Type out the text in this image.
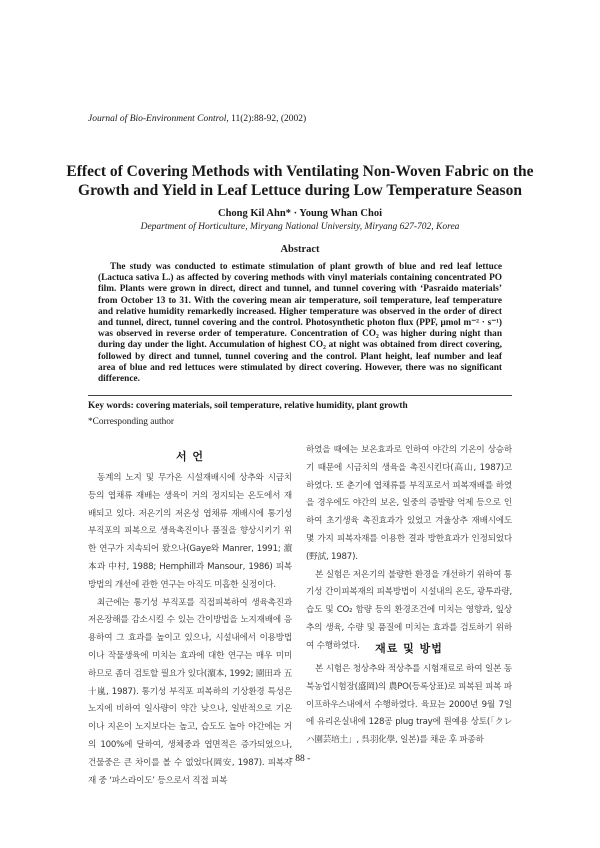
Journal of Bio-Environment Control, 11(2):88-92, (2002)
Effect of Covering Methods with Ventilating Non-Woven Fabric on the Growth and Yield in Leaf Lettuce during Low Temperature Season
Chong Kil Ahn* · Young Whan Choi
Department of Horticulture, Miryang National University, Miryang 627-702, Korea
Abstract
The study was conducted to estimate stimulation of plant growth of blue and red leaf lettuce (Lactuca sativa L.) as affected by covering methods with vinyl materials containing concentrated PO film. Plants were grown in direct, direct and tunnel, and tunnel covering with ‘Pasraido materials’ from October 13 to 31. With the covering mean air temperature, soil temperature, leaf temperature and relative humidity remarkedly increased. Higher temperature was observed in the order of direct and tunnel, direct, tunnel covering and the control. Photosynthetic photon flux (PPF, μmol m⁻² · s⁻¹) was observed in reverse order of temperature. Concentration of CO₂ was higher during night than during day under the light. Accumulation of highest CO₂ at night was obtained from direct covering, followed by direct and tunnel, tunnel covering and the control. Plant height, leaf number and leaf area of blue and red lettuces were stimulated by direct covering. However, there was no significant difference.
Key words: covering materials, soil temperature, relative humidity, plant growth
*Corresponding author
서 언

동계의 노지 및 무가온 시설재배시에 상추와 시금치 등의 엽채류 재배는 생육이 거의 정지되는 온도에서 재배되고 있다. 저온기의 저온성 엽채류 재배시에 통기성 부직포의 피복으로 생육촉진이나 품질을 향상시키기 위한 연구가 지속되어 왔으나(Gaye와 Manrer, 1991; 濵本과 中村, 1988; Hemphill과 Mansour, 1986) 피복방법의 개선에 관한 연구는 아직도 미흡한 실정이다.

최근에는 통기성 부직포를 직접피복하여 생육촉진과 저온장해를 감소시킬 수 있는 간이방법을 노지재배에 응용하여 그 효과를 높이고 있으나, 시설내에서 이용방법이나 작물생육에 미치는 효과에 대한 연구는 매우 미미하므로 좀더 검토할 필요가 있다(濵本, 1992; 園田과 五十嵐, 1987). 통기성 부직포 피복하의 기상환경 특성은 노지에 비하여 일사량이 약간 낮으나, 일반적으로 기온이나 지온이 노지보다는 높고, 습도도 높아 야간에는 거의 100%에 달하여, 생체중과 엽면적은 증가되었으나, 건물중은 큰 차이를 볼 수 없었다(岡安, 1987). 피복자재 중 ‘파스라이도’ 등으로서 직접 피복

하였을 때에는 보온효과로 인하여 야간의 기온이 상승하기 때문에 시금치의 생육을 촉진시킨다(高山, 1987)고 하였다. 또 춘기에 엽채류를 부직포로서 피복재배를 하였을 경우에도 야간의 보온, 일중의 증발량 억제 등으로 인하여 초기생육 촉진효과가 있었고 겨울상추 재배시에도 몇 가지 피복자재를 이용한 결과 방한효과가 인정되었다(野試, 1987).

본 실험은 저온기의 불량한 환경을 개선하기 위하여 통기성 간이피복재의 피복방법이 시설내의 온도, 광투과량, 습도 및 CO₂ 함량 등의 환경조건에 미치는 영향과, 잎상추의 생육, 수량 및 품질에 미치는 효과를 검토하기 위하여 수행하였다.	재료 및 방법

본 시험은 청상추와 적상추를 시험재료로 하여 일본 동북농업시험장(盛岡)의 農PO(등록상표)로 피복된 피복 파이프하우스내에서 수행하였다. 육묘는 2000년 9월 7일에 유리온실내에 128공 plug tray에 원예용 상토(「クレハ園芸培土」, 呉羽化學, 일본)를 채운 후 파종하

- 88 -
